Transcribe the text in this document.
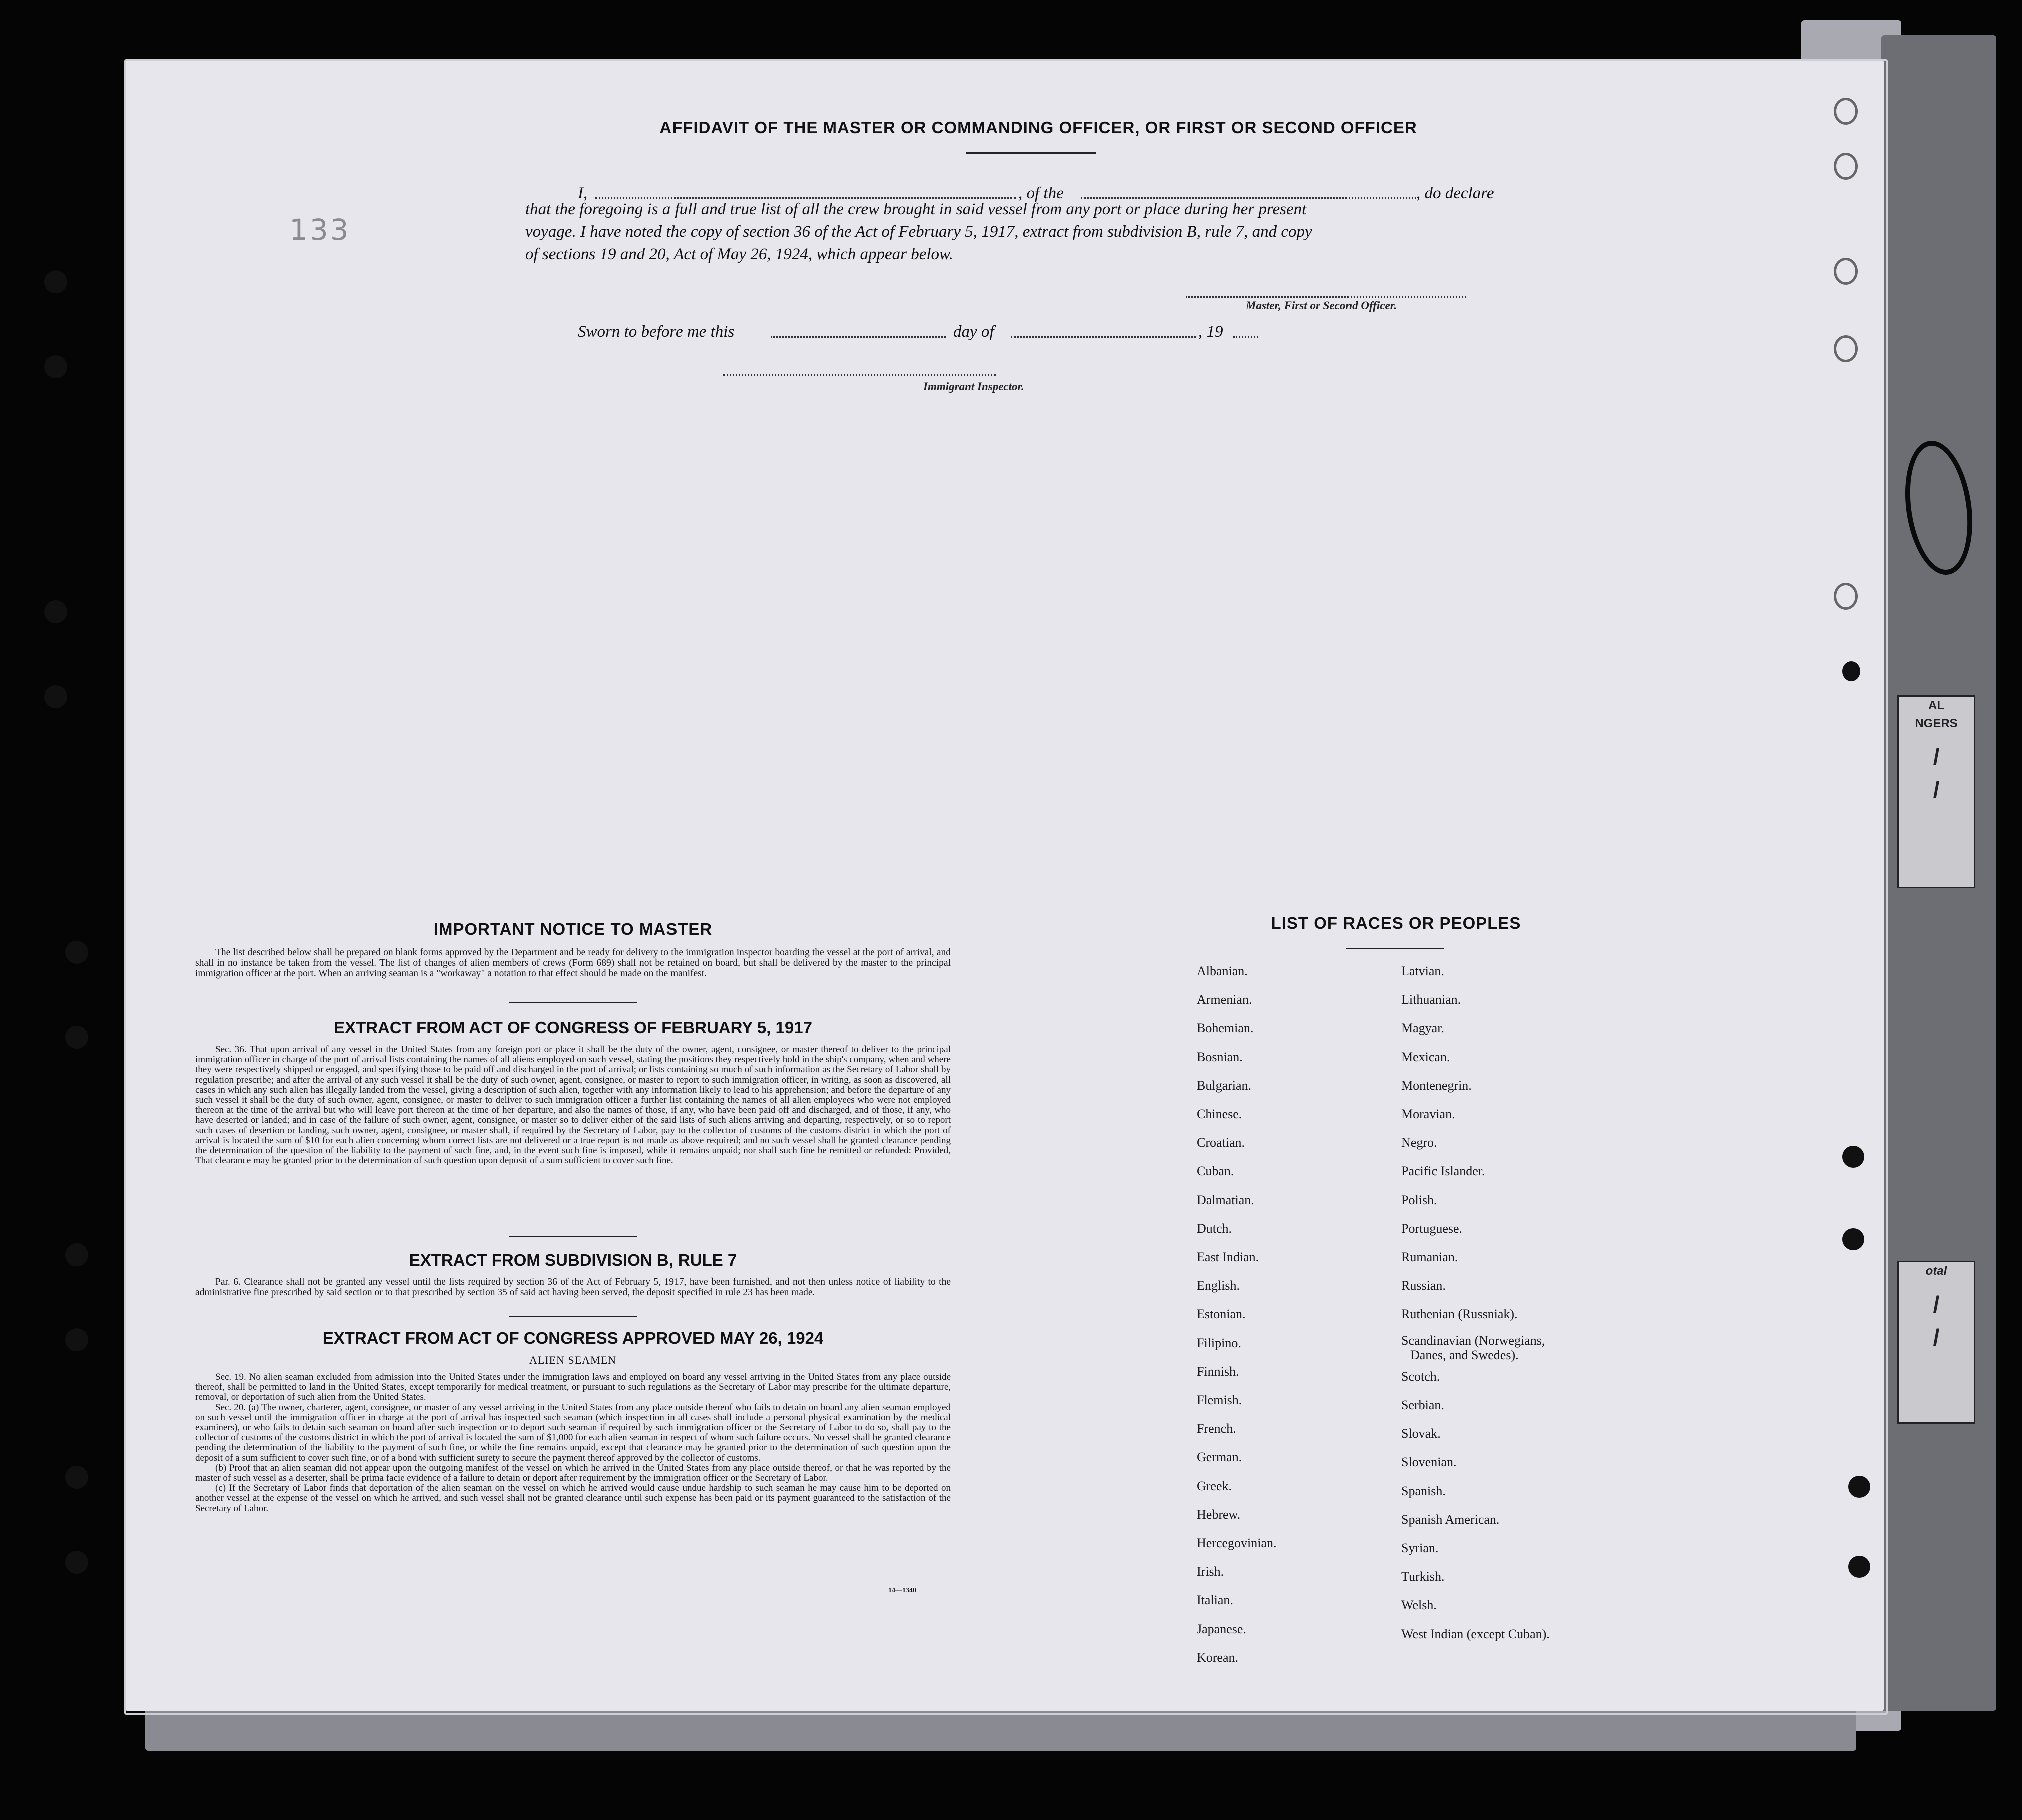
AL
NGERS
/
/
otal
/
/
133
AFFIDAVIT OF THE MASTER OR COMMANDING OFFICER, OR FIRST OR SECOND OFFICER
I,	, of the	, do declare
that the foregoing is a full and true list of all the crew brought in said vessel from any port or place during her present
voyage. I have noted the copy of section 36 of the Act of February 5, 1917, extract from subdivision B, rule 7, and copy
of sections 19 and 20, Act of May 26, 1924, which appear below.
Master, First or Second Officer.
Sworn to before me this	day of	, 19
Immigrant Inspector.
IMPORTANT NOTICE TO MASTER

The list described below shall be prepared on blank forms approved by the Department and be ready for delivery to the immigration inspector boarding the vessel at the port of arrival, and shall in no instance be taken from the vessel. The list of changes of alien members of crews (Form 689) shall not be retained on board, but shall be delivered by the master to the principal immigration officer at the port. When an arriving seaman is a "workaway" a notation to that effect should be made on the manifest.

EXTRACT FROM ACT OF CONGRESS OF FEBRUARY 5, 1917

Sec. 36. That upon arrival of any vessel in the United States from any foreign port or place it shall be the duty of the owner, agent, consignee, or master thereof to deliver to the principal immigration officer in charge of the port of arrival lists containing the names of all aliens employed on such vessel, stating the positions they respectively hold in the ship's company, when and where they were respectively shipped or engaged, and specifying those to be paid off and discharged in the port of arrival; or lists containing so much of such information as the Secretary of Labor shall by regulation prescribe; and after the arrival of any such vessel it shall be the duty of such owner, agent, consignee, or master to report to such immigration officer, in writing, as soon as discovered, all cases in which any such alien has illegally landed from the vessel, giving a description of such alien, together with any information likely to lead to his apprehension; and before the departure of any such vessel it shall be the duty of such owner, agent, consignee, or master to deliver to such immigration officer a further list containing the names of all alien employees who were not employed thereon at the time of the arrival but who will leave port thereon at the time of her departure, and also the names of those, if any, who have been paid off and discharged, and of those, if any, who have deserted or landed; and in case of the failure of such owner, agent, consignee, or master so to deliver either of the said lists of such aliens arriving and departing, respectively, or so to report such cases of desertion or landing, such owner, agent, consignee, or master shall, if required by the Secretary of Labor, pay to the collector of customs of the customs district in which the port of arrival is located the sum of $10 for each alien concerning whom correct lists are not delivered or a true report is not made as above required; and no such vessel shall be granted clearance pending the determination of the question of the liability to the payment of such fine, and, in the event such fine is imposed, while it remains unpaid; nor shall such fine be remitted or refunded: Provided, That clearance may be granted prior to the determination of such question upon deposit of a sum sufficient to cover such fine.

EXTRACT FROM SUBDIVISION B, RULE 7

Par. 6. Clearance shall not be granted any vessel until the lists required by section 36 of the Act of February 5, 1917, have been furnished, and not then unless notice of liability to the administrative fine prescribed by said section or to that prescribed by section 35 of said act having been served, the deposit specified in rule 23 has been made.

EXTRACT FROM ACT OF CONGRESS APPROVED MAY 26, 1924
ALIEN SEAMEN

Sec. 19. No alien seaman excluded from admission into the United States under the immigration laws and employed on board any vessel arriving in the United States from any place outside thereof, shall be permitted to land in the United States, except temporarily for medical treatment, or pursuant to such regulations as the Secretary of Labor may prescribe for the ultimate departure, removal, or deportation of such alien from the United States.

Sec. 20. (a) The owner, charterer, agent, consignee, or master of any vessel arriving in the United States from any place outside thereof who fails to detain on board any alien seaman employed on such vessel until the immigration officer in charge at the port of arrival has inspected such seaman (which inspection in all cases shall include a personal physical examination by the medical examiners), or who fails to detain such seaman on board after such inspection or to deport such seaman if required by such immigration officer or the Secretary of Labor to do so, shall pay to the collector of customs of the customs district in which the port of arrival is located the sum of $1,000 for each alien seaman in respect of whom such failure occurs. No vessel shall be granted clearance pending the determination of the liability to the payment of such fine, or while the fine remains unpaid, except that clearance may be granted prior to the determination of such question upon the deposit of a sum sufficient to cover such fine, or of a bond with sufficient surety to secure the payment thereof approved by the collector of customs.

(b) Proof that an alien seaman did not appear upon the outgoing manifest of the vessel on which he arrived in the United States from any place outside thereof, or that he was reported by the master of such vessel as a deserter, shall be prima facie evidence of a failure to detain or deport after requirement by the immigration officer or the Secretary of Labor.

(c) If the Secretary of Labor finds that deportation of the alien seaman on the vessel on which he arrived would cause undue hardship to such seaman he may cause him to be deported on another vessel at the expense of the vessel on which he arrived, and such vessel shall not be granted clearance until such expense has been paid or its payment guaranteed to the satisfaction of the Secretary of Labor.

14—1340
LIST OF RACES OR PEOPLES
Albanian.
Armenian.
Bohemian.
Bosnian.
Bulgarian.
Chinese.
Croatian.
Cuban.
Dalmatian.
Dutch.
East Indian.
English.
Estonian.
Filipino.
Finnish.
Flemish.
French.
German.
Greek.
Hebrew.
Hercegovinian.
Irish.
Italian.
Japanese.
Korean.
Latvian.
Lithuanian.
Magyar.
Mexican.
Montenegrin.
Moravian.
Negro.
Pacific Islander.
Polish.
Portuguese.
Rumanian.
Russian.
Ruthenian (Russniak).
Scandinavian (Norwegians,
Danes, and Swedes).
Scotch.
Serbian.
Slovak.
Slovenian.
Spanish.
Spanish American.
Syrian.
Turkish.
Welsh.
West Indian (except Cuban).
